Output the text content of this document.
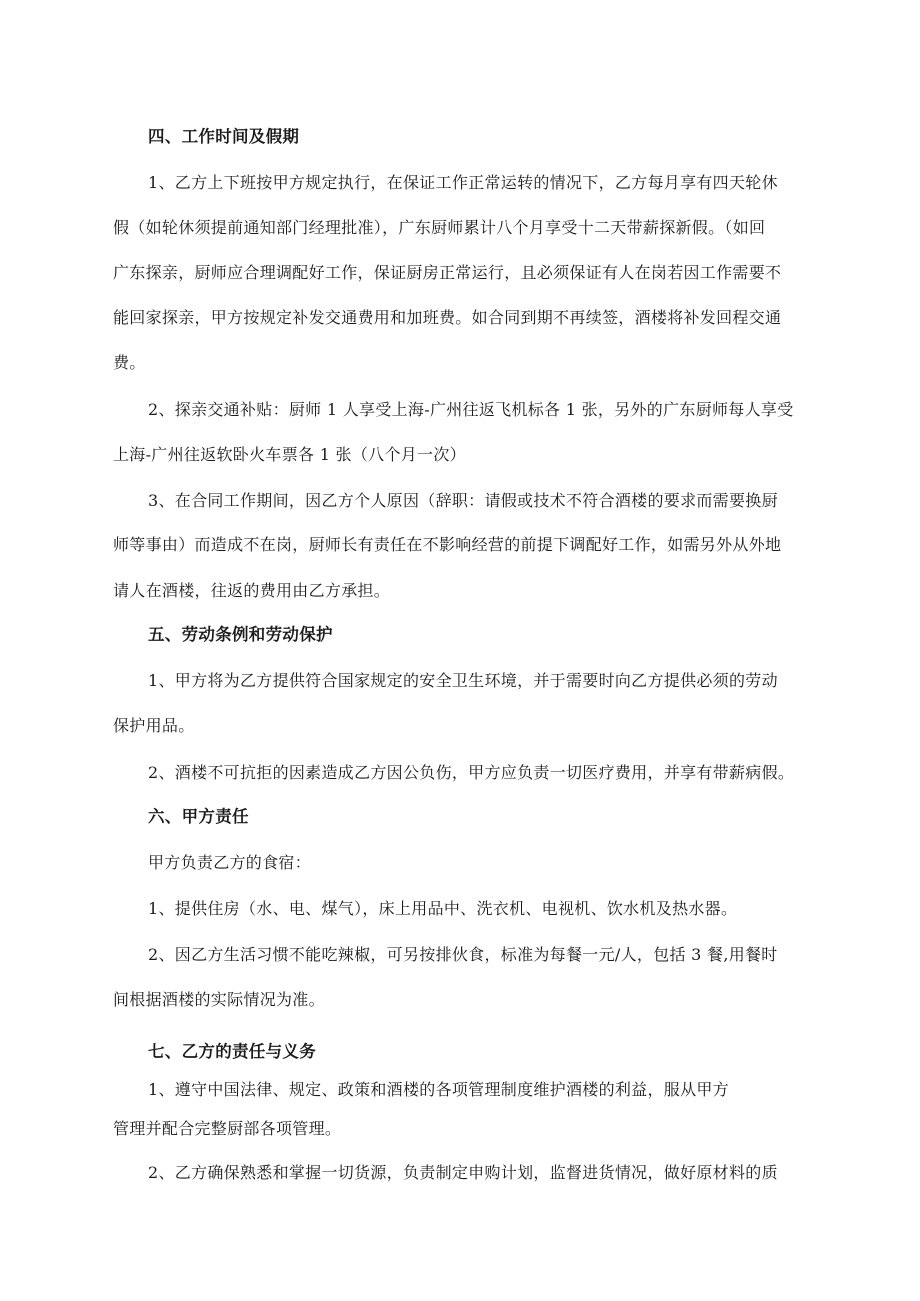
四、工作时间及假期
1、乙方上下班按甲方规定执行，在保证工作正常运转的情况下，乙方每月享有四天轮休
假（如轮休须提前通知部门经理批准），广东厨师累计八个月享受十二天带薪探新假。（如回
广东探亲，厨师应合理调配好工作，保证厨房正常运行，且必须保证有人在岗若因工作需要不
能回家探亲，甲方按规定补发交通费用和加班费。如合同到期不再续签，酒楼将补发回程交通
费。
2、探亲交通补贴：厨师 1 人享受上海-广州往返飞机标各 1 张，另外的广东厨师每人享受
上海-广州往返软卧火车票各 1 张（八个月一次）
3、在合同工作期间，因乙方个人原因（辞职：请假或技术不符合酒楼的要求而需要换厨
师等事由）而造成不在岗，厨师长有责任在不影响经营的前提下调配好工作，如需另外从外地
请人在酒楼，往返的费用由乙方承担。
五、劳动条例和劳动保护
1、甲方将为乙方提供符合国家规定的安全卫生环境，并于需要时向乙方提供必须的劳动
保护用品。
2、酒楼不可抗拒的因素造成乙方因公负伤，甲方应负责一切医疗费用，并享有带薪病假。
六、甲方责任
甲方负责乙方的食宿：
1、提供住房（水、电、煤气），床上用品中、洗衣机、电视机、饮水机及热水器。
2、因乙方生活习惯不能吃辣椒，可另按排伙食，标准为每餐一元/人，包括 3 餐,用餐时
间根据酒楼的实际情况为准。
七、乙方的责任与义务
1、遵守中国法律、规定、政策和酒楼的各项管理制度维护酒楼的利益，服从甲方
管理并配合完整厨部各项管理。
2、乙方确保熟悉和掌握一切货源，负责制定申购计划，监督进货情况，做好原材料的质
